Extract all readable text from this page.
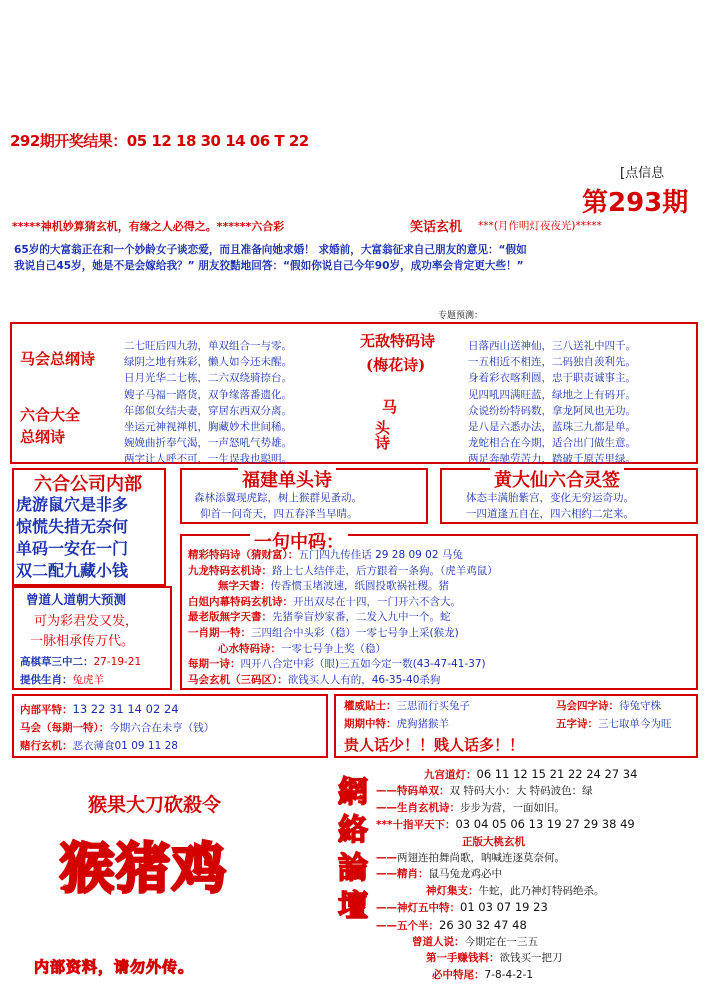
292期开奖结果：05 12 18 30 14 06 T 22
[点信息
第293期
*****神机妙算猜玄机，有缘之人必得之。******六合彩	笑话玄机 ***(月作明灯夜夜光)*****
65岁的大富翁正在和一个妙龄女子谈恋爱，而且准备向她求婚！ 求婚前，大富翁征求自己朋友的意见：“假如
我说自己45岁，她是不是会嫁给我？” 朋友狡黠地回答：“假如你说自己今年90岁，成功率会肯定更大些！”
专题预测：
马会总纲诗
六合大全
总纲诗
二七旺后四九勃，单双组合一与零。
绿阴之地有殊彩，懒人如今还未醒。
日月光华二七栋，二六双绕骑捺台。
嫂子马福一路货，双争缘落番遗化。
年郎似女结夫妻，穿居东西双分离。
坐运元神视禅机，胸藏妙术世间稀。
婉娩曲折奉气渴，一声怒吼气势雄。
两字让人呼不可，一生误我也聪明。
无敌特码诗
(梅花诗)
马
头诗
日落西山送神仙，三八送礼中四千。
一五相近不相连，二码独自羡利先。
身着彩衣喀利圆，忠于职责诚事主。
见四吼四满旺蓝，绿地之上有码开。
众说纷纷特码数，拿龙阿凤也无功。
是八是六悉办法，蓝珠三九都是单。
龙蛇相合在今期，适合出门做生意。
两足奔驰劳苦力，踏破千原苦里绿。
六合公司内部
虎游鼠穴是非多
惊慌失措无奈何
单码一安在一门
双二配九藏小钱
福建单头诗
森林添翼现虎踪，树上猴群见蚤动。
仰首一问奇天，四五春泽当早晴。
黄大仙六合灵签
体态丰满胎紫宫，变化无穷运奇功。
一四道逢五自在，四六相约二定来。
曾道人道朝大预测
可为彩君发又发，
一脉相承传万代。
高棋草三中二：27-19-21
提供生肖：兔虎羊
一句中码：
精彩特码诗（猜财富）：五门四九传佳话 29 28 09 02 马兔
九龙特码玄机诗：路上七人结伴走，后方跟着一条狗。（虎羊鸡鼠）
無字天書：传香惯玉堵波速，纸圆投歌祸社稷。猪
白姐内幕特码玄机诗：开出双尽在十四，一门开六不含大。
最老版無字天書：先猪拳盲炒家番，二发入九中一个。蛇
一肖期一特：三四组合中头彩（稳）一零七号争上采(猴龙)
心水特码诗：一零七号争上奖（稳）
每期一诗：四开八合定中彩（眼)三五如今定一数(43-47-41-37)
马会玄机（三码区）：欲钱买人人有的，46-35-40杀狗
内部平特：13 22 31 14 02 24
马会（每期一特）：今期六合在未亨（钱）
赌行玄机：恶衣薄食01 09 11 28
權威貼士：三思而行买兔子
期期中特：虎狗猪猴羊
贵人话少！！贱人话多！！
马会四字诗：待兔守株
五字诗：三七取单今为旺
猴果大刀砍殺令
猴猪鸡
網絡論壇
九宫道灯：06 11 12 15 21 22 24 27 34
——特码单双：双 特码大小：大 特码波色：绿
——生肖玄机诗：步步为营，一面如旧。
***十指平天下：03 04 05 06 13 19 27 29 38 49
正版大桃玄机
——两翅连拍舞尚歌，呐喊连逐莫奈何。
——精肖：鼠马兔龙鸡必中
神灯集支：牛蛇，此乃神灯特码绝杀。
——神灯五中特：01 03 07 19 23
——五个半：26 30 32 47 48
曾道人说：今期定在一三五
第一手赚钱料：欲钱买一把刀
必中特尾：7-8-4-2-1
内部资料，请勿外传。
